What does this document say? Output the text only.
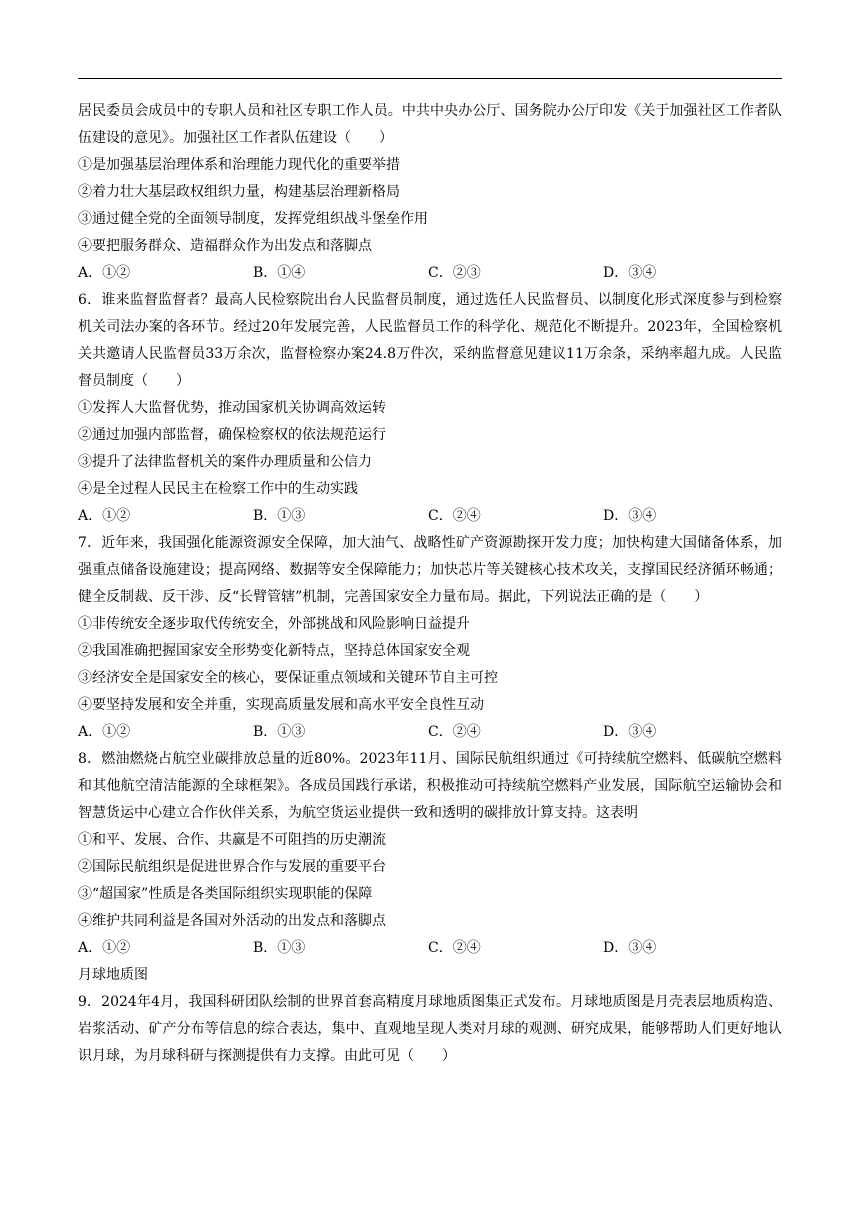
居民委员会成员中的专职人员和社区专职工作人员。中共中央办公厅、国务院办公厅印发《关于加强社区工作者队伍建设的意见》。加强社区工作者队伍建设（　　）

①是加强基层治理体系和治理能力现代化的重要举措

②着力壮大基层政权组织力量，构建基层治理新格局

③通过健全党的全面领导制度，发挥党组织战斗堡垒作用

④要把服务群众、造福群众作为出发点和落脚点

A．①②	B．①④	C．②③	D．③④

6．谁来监督监督者？最高人民检察院出台人民监督员制度，通过选任人民监督员、以制度化形式深度参与到检察机关司法办案的各环节。经过20年发展完善，人民监督员工作的科学化、规范化不断提升。2023年，全国检察机关共邀请人民监督员33万余次，监督检察办案24.8万件次，采纳监督意见建议11万余条，采纳率超九成。人民监督员制度（　　）

①发挥人大监督优势，推动国家机关协调高效运转

②通过加强内部监督，确保检察权的依法规范运行

③提升了法律监督机关的案件办理质量和公信力

④是全过程人民民主在检察工作中的生动实践

A．①②	B．①③	C．②④	D．③④

7．近年来，我国强化能源资源安全保障，加大油气、战略性矿产资源勘探开发力度；加快构建大国储备体系，加强重点储备设施建设；提高网络、数据等安全保障能力；加快芯片等关键核心技术攻关，支撑国民经济循环畅通；健全反制裁、反干涉、反“长臂管辖”机制，完善国家安全力量布局。据此，下列说法正确的是（　　）

①非传统安全逐步取代传统安全，外部挑战和风险影响日益提升

②我国准确把握国家安全形势变化新特点，坚持总体国家安全观

③经济安全是国家安全的核心，要保证重点领域和关键环节自主可控

④要坚持发展和安全并重，实现高质量发展和高水平安全良性互动

A．①②	B．①③	C．②④	D．③④

8．燃油燃烧占航空业碳排放总量的近80%。2023年11月、国际民航组织通过《可持续航空燃料、低碳航空燃料和其他航空清洁能源的全球框架》。各成员国践行承诺，积极推动可持续航空燃料产业发展，国际航空运输协会和智慧货运中心建立合作伙伴关系，为航空货运业提供一致和透明的碳排放计算支持。这表明

①和平、发展、合作、共赢是不可阻挡的历史潮流

②国际民航组织是促进世界合作与发展的重要平台

③“超国家”性质是各类国际组织实现职能的保障

④维护共同利益是各国对外活动的出发点和落脚点

A．①②	B．①③	C．②④	D．③④

月球地质图

9．2024年4月，我国科研团队绘制的世界首套高精度月球地质图集正式发布。月球地质图是月壳表层地质构造、岩浆活动、矿产分布等信息的综合表达，集中、直观地呈现人类对月球的观测、研究成果，能够帮助人们更好地认识月球，为月球科研与探测提供有力支撑。由此可见（　　）
